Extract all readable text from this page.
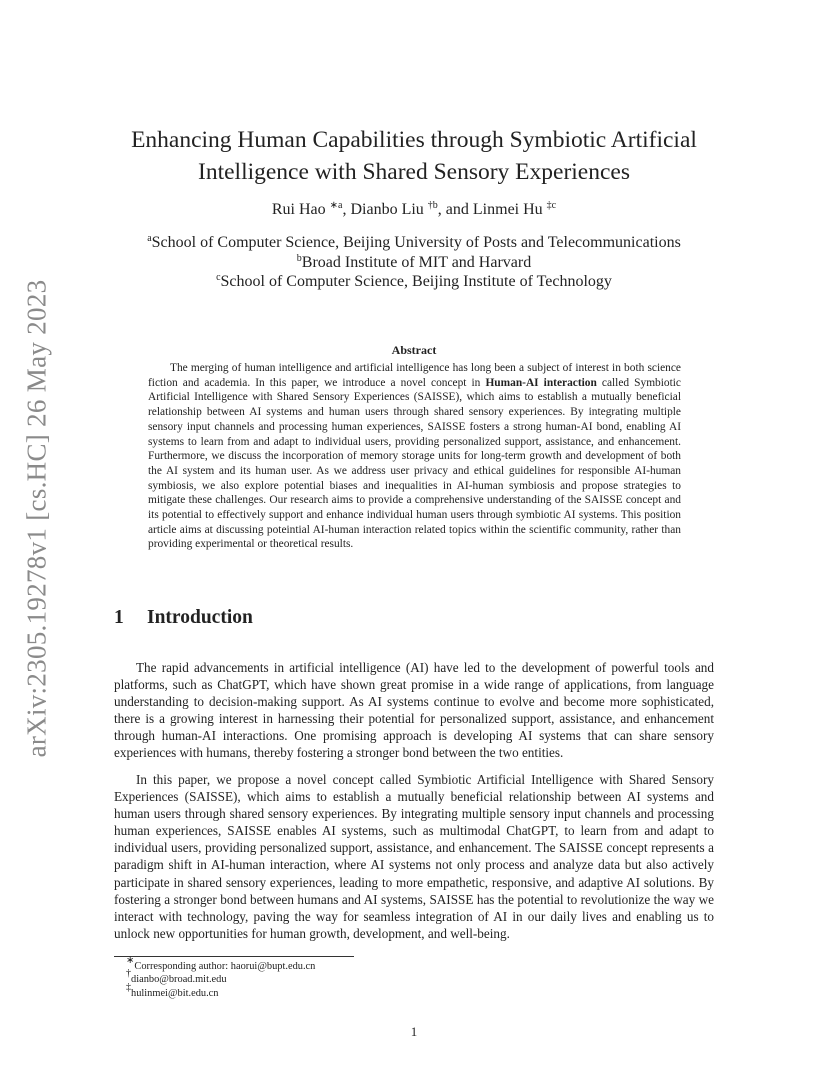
arXiv:2305.19278v1 [cs.HC] 26 May 2023
Enhancing Human Capabilities through Symbiotic Artificial
Intelligence with Shared Sensory Experiences
Rui Hao $^{∗a}$, Dianbo Liu $^{\dagger b}$, and Linmei Hu $^{\ddagger c}$
$^a$School of Computer Science, Beijing University of Posts and Telecommunications
$^b$Broad Institute of MIT and Harvard
$^c$School of Computer Science, Beijing Institute of Technology
Abstract

The merging of human intelligence and artificial intelligence has long been a subject of interest in both science fiction and academia. In this paper, we introduce a novel concept in Human-AI interaction called Symbiotic Artificial Intelligence with Shared Sensory Experiences (SAISSE), which aims to establish a mutually beneficial relationship between AI systems and human users through shared sensory experiences. By integrating multiple sensory input channels and processing human experiences, SAISSE fosters a strong human-AI bond, enabling AI systems to learn from and adapt to individual users, providing personalized support, assistance, and enhancement. Furthermore, we discuss the incorporation of memory storage units for long-term growth and development of both the AI system and its human user. As we address user privacy and ethical guidelines for responsible AI-human symbiosis, we also explore potential biases and inequalities in AI-human symbiosis and propose strategies to mitigate these challenges. Our research aims to provide a comprehensive understanding of the SAISSE concept and its potential to effectively support and enhance individual human users through symbiotic AI systems. This position article aims at discussing poteintial AI-human interaction related topics within the scientific community, rather than providing experimental or theoretical results.

1 Introduction

The rapid advancements in artificial intelligence (AI) have led to the development of powerful tools and platforms, such as ChatGPT, which have shown great promise in a wide range of applications, from language understanding to decision-making support. As AI systems continue to evolve and become more sophisticated, there is a growing interest in harnessing their potential for personalized support, assistance, and enhancement through human-AI interactions. One promising approach is developing AI systems that can share sensory experiences with humans, thereby fostering a stronger bond between the two entities.

In this paper, we propose a novel concept called Symbiotic Artificial Intelligence with Shared Sensory Experiences (SAISSE), which aims to establish a mutually beneficial relationship between AI systems and human users through shared sensory experiences. By integrating multiple sensory input channels and processing human experiences, SAISSE enables AI systems, such as multimodal ChatGPT, to learn from and adapt to individual users, providing personalized support, assistance, and enhancement. The SAISSE concept represents a paradigm shift in AI-human interaction, where AI systems not only process and analyze data but also actively participate in shared sensory experiences, leading to more empathetic, responsive, and adaptive AI solutions. By fostering a stronger bond between humans and AI systems, SAISSE has the potential to revolutionize the way we interact with technology, paving the way for seamless integration of AI in our daily lives and enabling us to unlock new opportunities for human growth, development, and well-being.

∗Corresponding author: haorui@bupt.edu.cn
†dianbo@broad.mit.edu
‡hulinmei@bit.edu.cn
1
